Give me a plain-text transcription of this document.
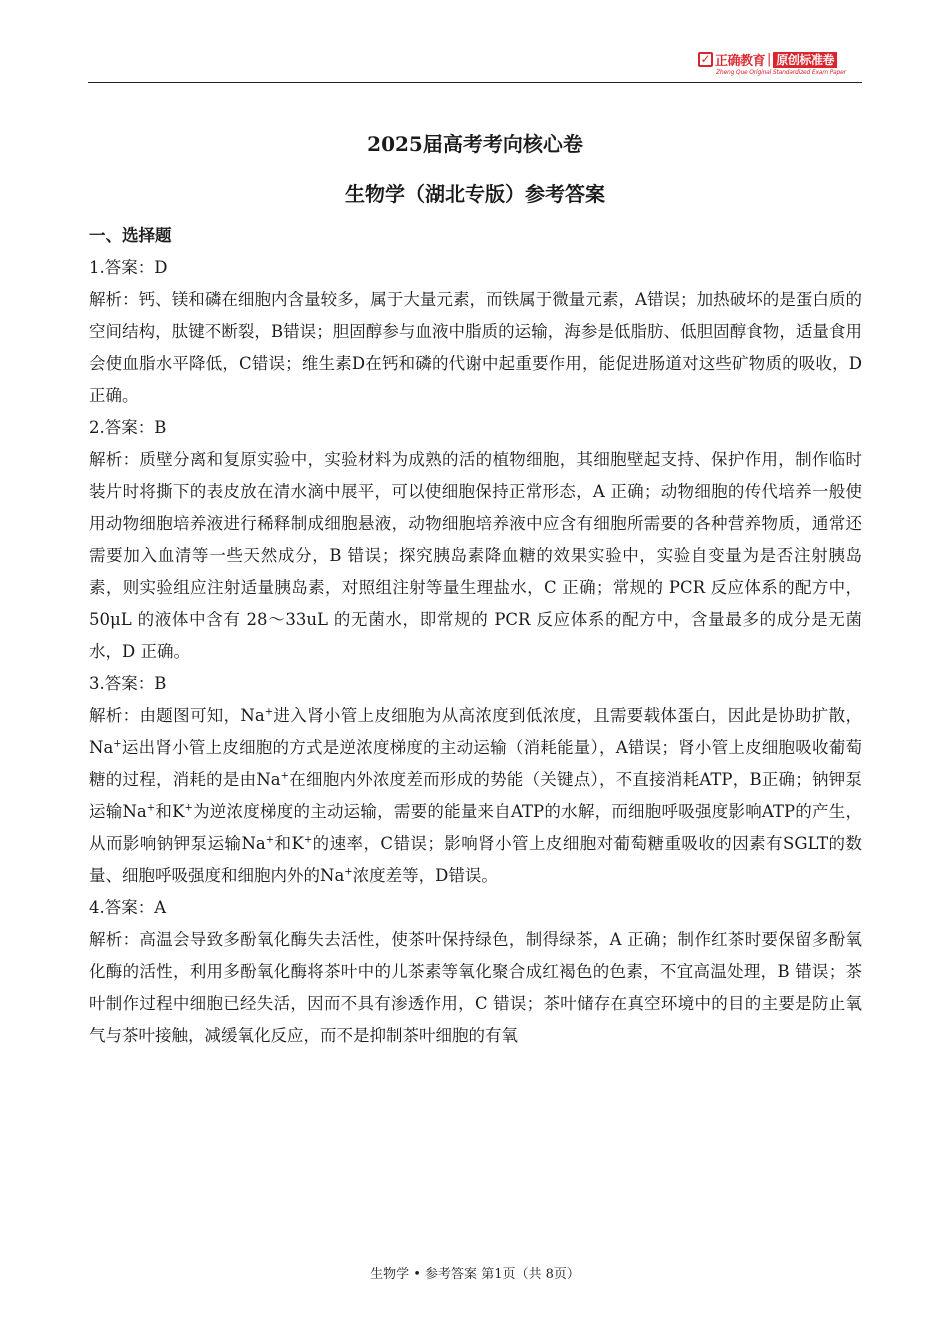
✓ 正确教育 | 原创标准卷
Zheng Que Original Standardized Exam Paper
2025届高考考向核心卷
生物学（湖北专版）参考答案

一、选择题

1.答案：D

解析：钙、镁和磷在细胞内含量较多，属于大量元素，而铁属于微量元素，A错误；加热破坏的是蛋白质的空间结构，肽键不断裂，B错误；胆固醇参与血液中脂质的运输，海参是低脂肪、低胆固醇食物，适量食用会使血脂水平降低，C错误；维生素D在钙和磷的代谢中起重要作用，能促进肠道对这些矿物质的吸收，D正确。

2.答案：B

解析：质壁分离和复原实验中，实验材料为成熟的活的植物细胞，其细胞壁起支持、保护作用，制作临时装片时将撕下的表皮放在清水滴中展平，可以使细胞保持正常形态，A 正确；动物细胞的传代培养一般使用动物细胞培养液进行稀释制成细胞悬液，动物细胞培养液中应含有细胞所需要的各种营养物质，通常还需要加入血清等一些天然成分，B 错误；探究胰岛素降血糖的效果实验中，实验自变量为是否注射胰岛素，则实验组应注射适量胰岛素，对照组注射等量生理盐水，C 正确；常规的 PCR 反应体系的配方中，50μL 的液体中含有 28～33uL 的无菌水，即常规的 PCR 反应体系的配方中，含量最多的成分是无菌水，D 正确。

3.答案：B

解析：由题图可知，Na+进入肾小管上皮细胞为从高浓度到低浓度，且需要载体蛋白，因此是协助扩散，Na+运出肾小管上皮细胞的方式是逆浓度梯度的主动运输（消耗能量），A错误；肾小管上皮细胞吸收葡萄糖的过程，消耗的是由Na+在细胞内外浓度差而形成的势能（关键点），不直接消耗ATP，B正确；钠钾泵运输Na+和K+为逆浓度梯度的主动运输，需要的能量来自ATP的水解，而细胞呼吸强度影响ATP的产生，从而影响钠钾泵运输Na+和K+的速率，C错误；影响肾小管上皮细胞对葡萄糖重吸收的因素有SGLT的数量、细胞呼吸强度和细胞内外的Na+浓度差等，D错误。

4.答案：A

解析：高温会导致多酚氧化酶失去活性，使茶叶保持绿色，制得绿茶，A 正确；制作红茶时要保留多酚氧化酶的活性，利用多酚氧化酶将茶叶中的儿茶素等氧化聚合成红褐色的色素，不宜高温处理，B 错误；茶叶制作过程中细胞已经失活，因而不具有渗透作用，C 错误；茶叶储存在真空环境中的目的主要是防止氧气与茶叶接触，减缓氧化反应，而不是抑制茶叶细胞的有氧

生物学 • 参考答案 第1页（共 8页）
